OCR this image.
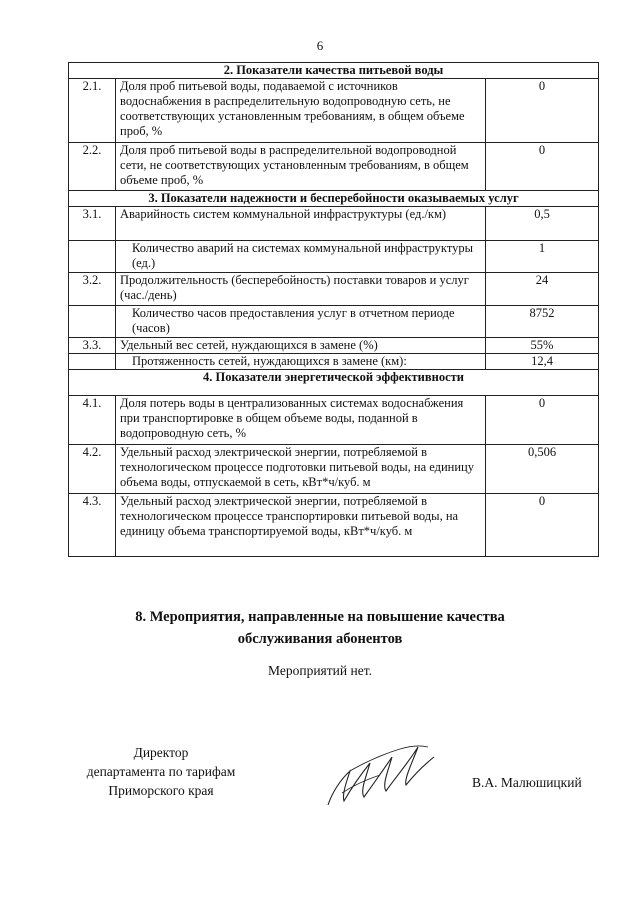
6
2. Показатели качества питьевой воды		
2.1.	Доля проб питьевой воды, подаваемой с источников водоснабжения в распределительную водопроводную сеть, не соответствующих установленным требованиям, в общем объеме проб, %	0
2.2.	Доля проб питьевой воды в распределительной водопроводной сети, не соответствующих установленным требованиям, в общем объеме проб, %	0
3. Показатели надежности и бесперебойности оказываемых услуг		
3.1.	Аварийность систем коммунальной инфраструктуры (ед./км)	0,5
	Количество аварий на системах коммунальной инфраструктуры (ед.)	1
3.2.	Продолжительность (бесперебойность) поставки товаров и услуг (час./день)	24
	Количество часов предоставления услуг в отчетном периоде (часов)	8752
3.3.	Удельный вес сетей, нуждающихся в замене (%)	55%
	Протяженность сетей, нуждающихся в замене (км):	12,4
4. Показатели энергетической эффективности		
4.1.	Доля потерь воды в централизованных системах водоснабжения при транспортировке в общем объеме воды, поданной в водопроводную сеть, %	0
4.2.	Удельный расход электрической энергии, потребляемой в технологическом процессе подготовки питьевой воды, на единицу объема воды, отпускаемой в сеть, кВт*ч/куб. м	0,506
4.3.	Удельный расход электрической энергии, потребляемой в технологическом процессе транспортировки питьевой воды, на единицу объема транспортируемой воды, кВт*ч/куб. м	0
8. Мероприятия, направленные на повышение качества
обслуживания абонентов
Мероприятий нет.
Директор
департамента по тарифам
Приморского края
В.А. Малюшицкий
